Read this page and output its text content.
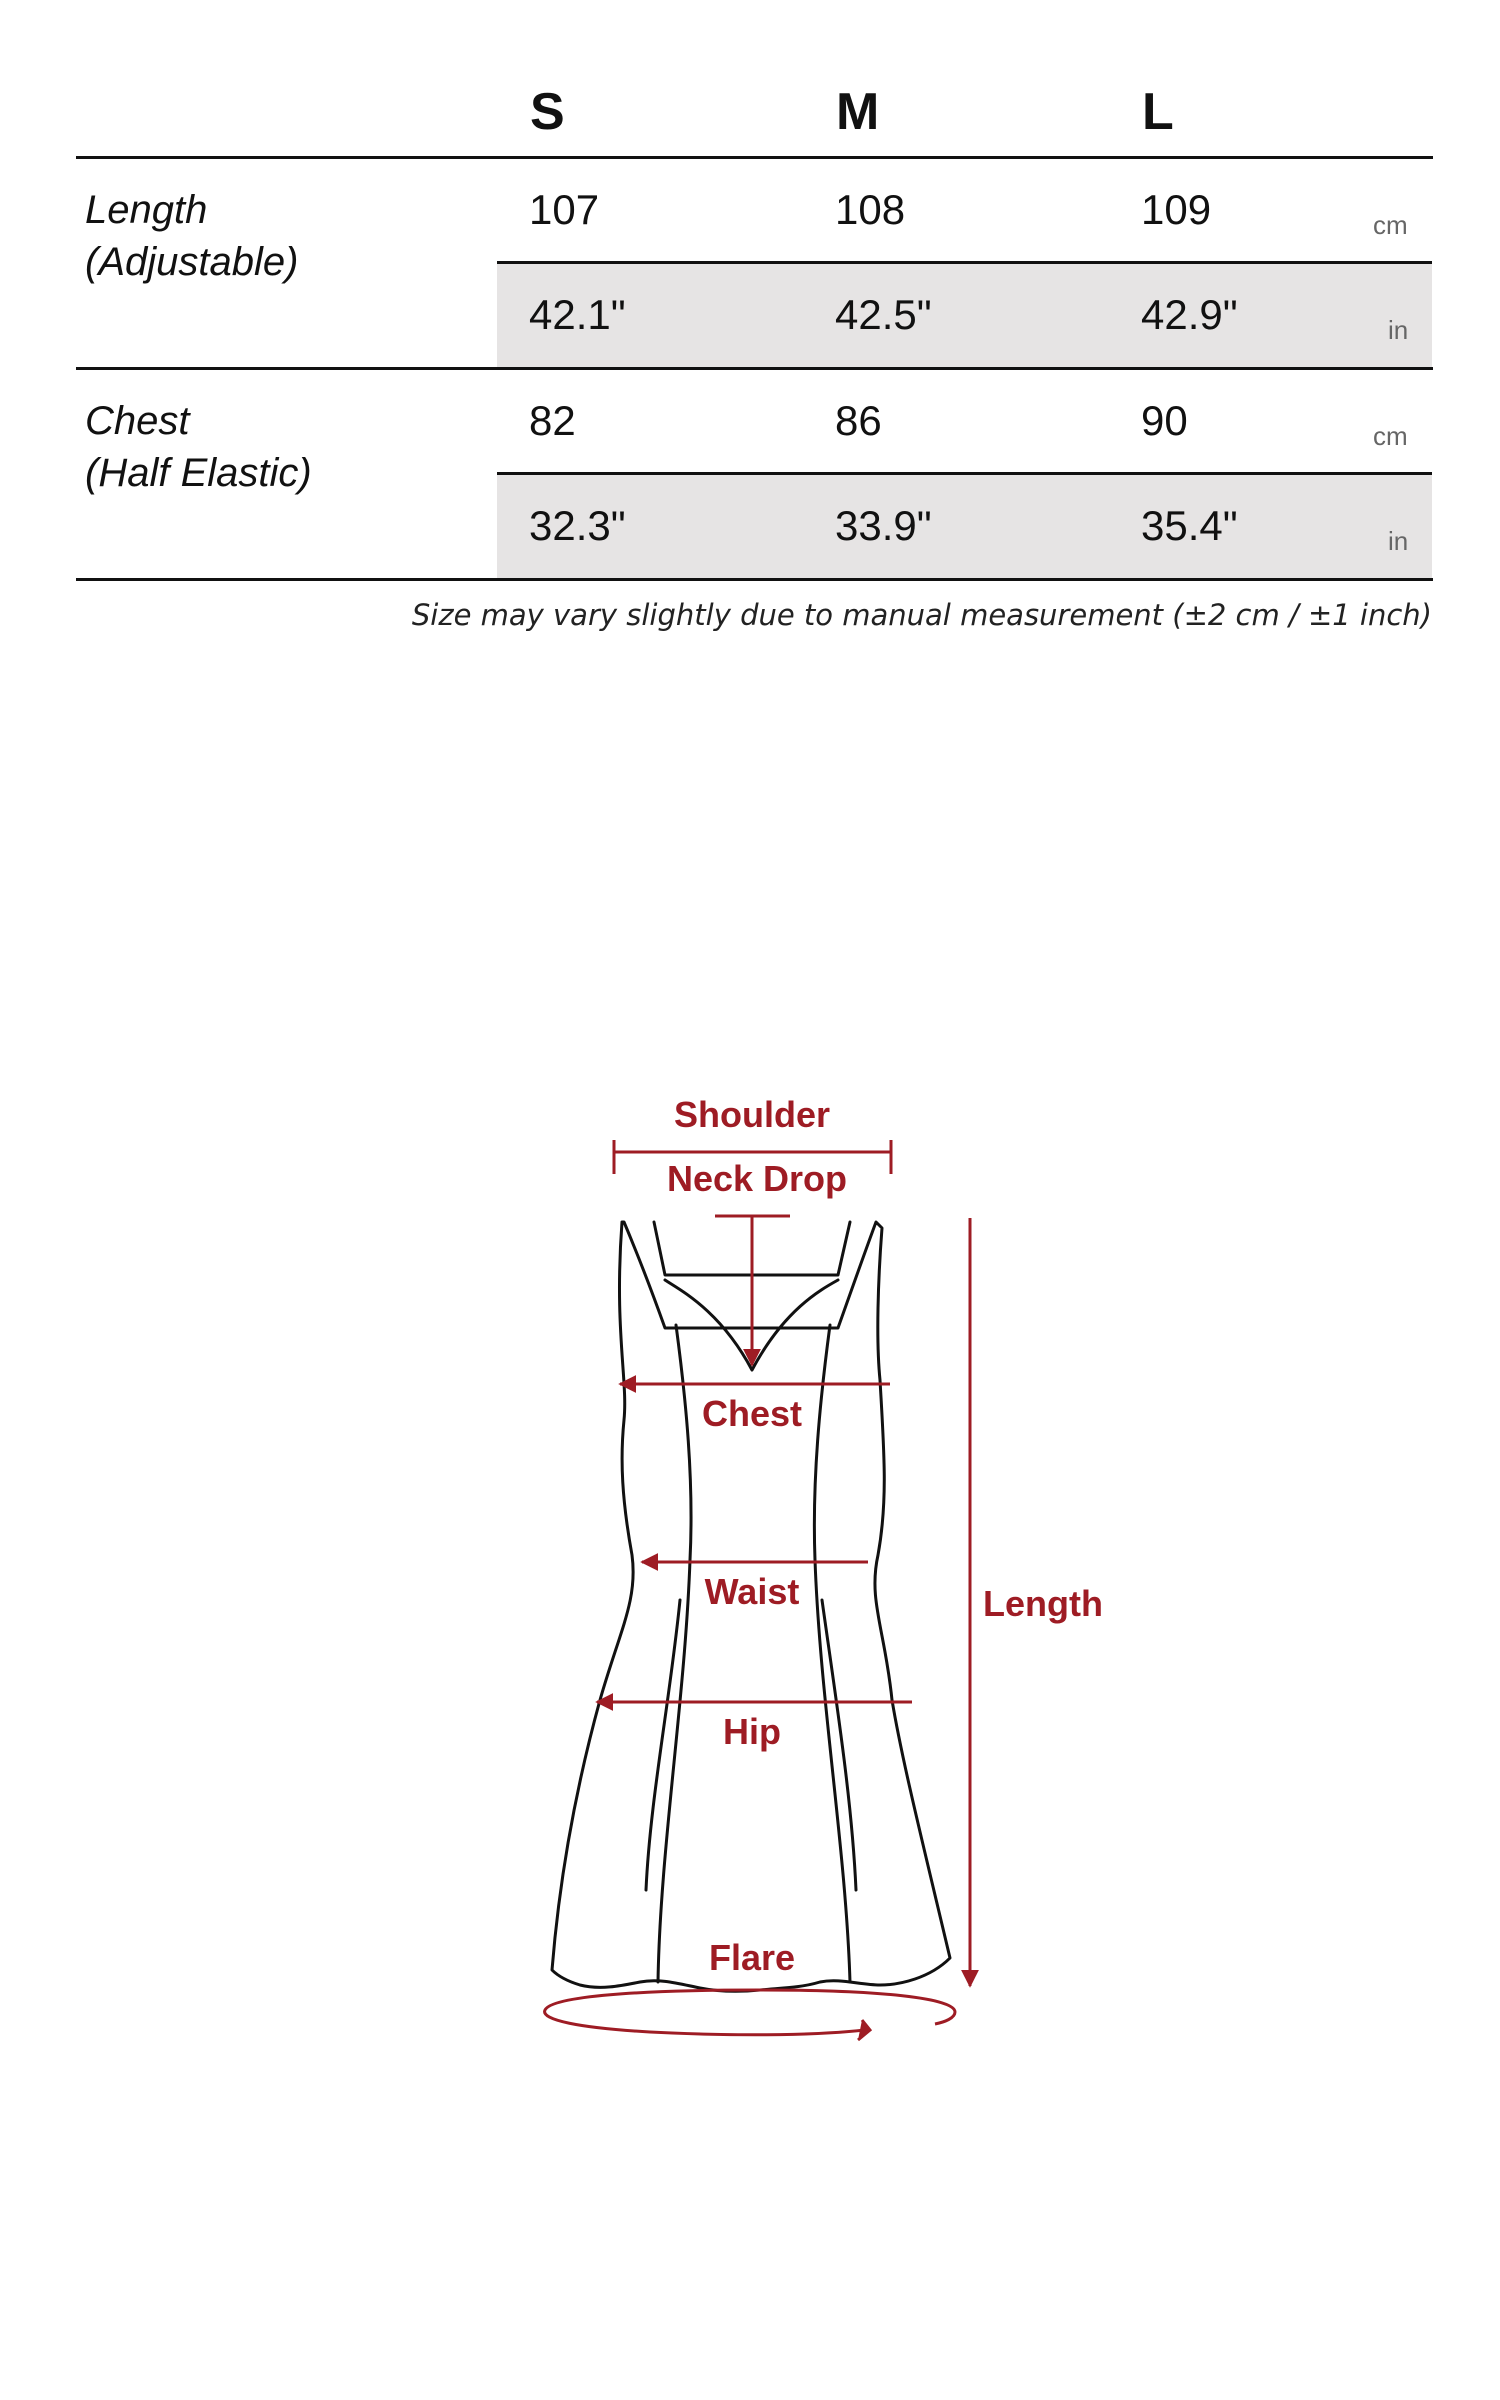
S	M	L
Length
(Adjustable)
107	108	109	cm
42.1"	42.5"	42.9"	in
Chest
(Half Elastic)
82	86	90	cm
32.3"	33.9"	35.4"	in
Size may vary slightly due to manual measurement (±2 cm / ±1 inch)
Shoulder
Neck Drop
Chest
Waist
Hip
Length
Flare
